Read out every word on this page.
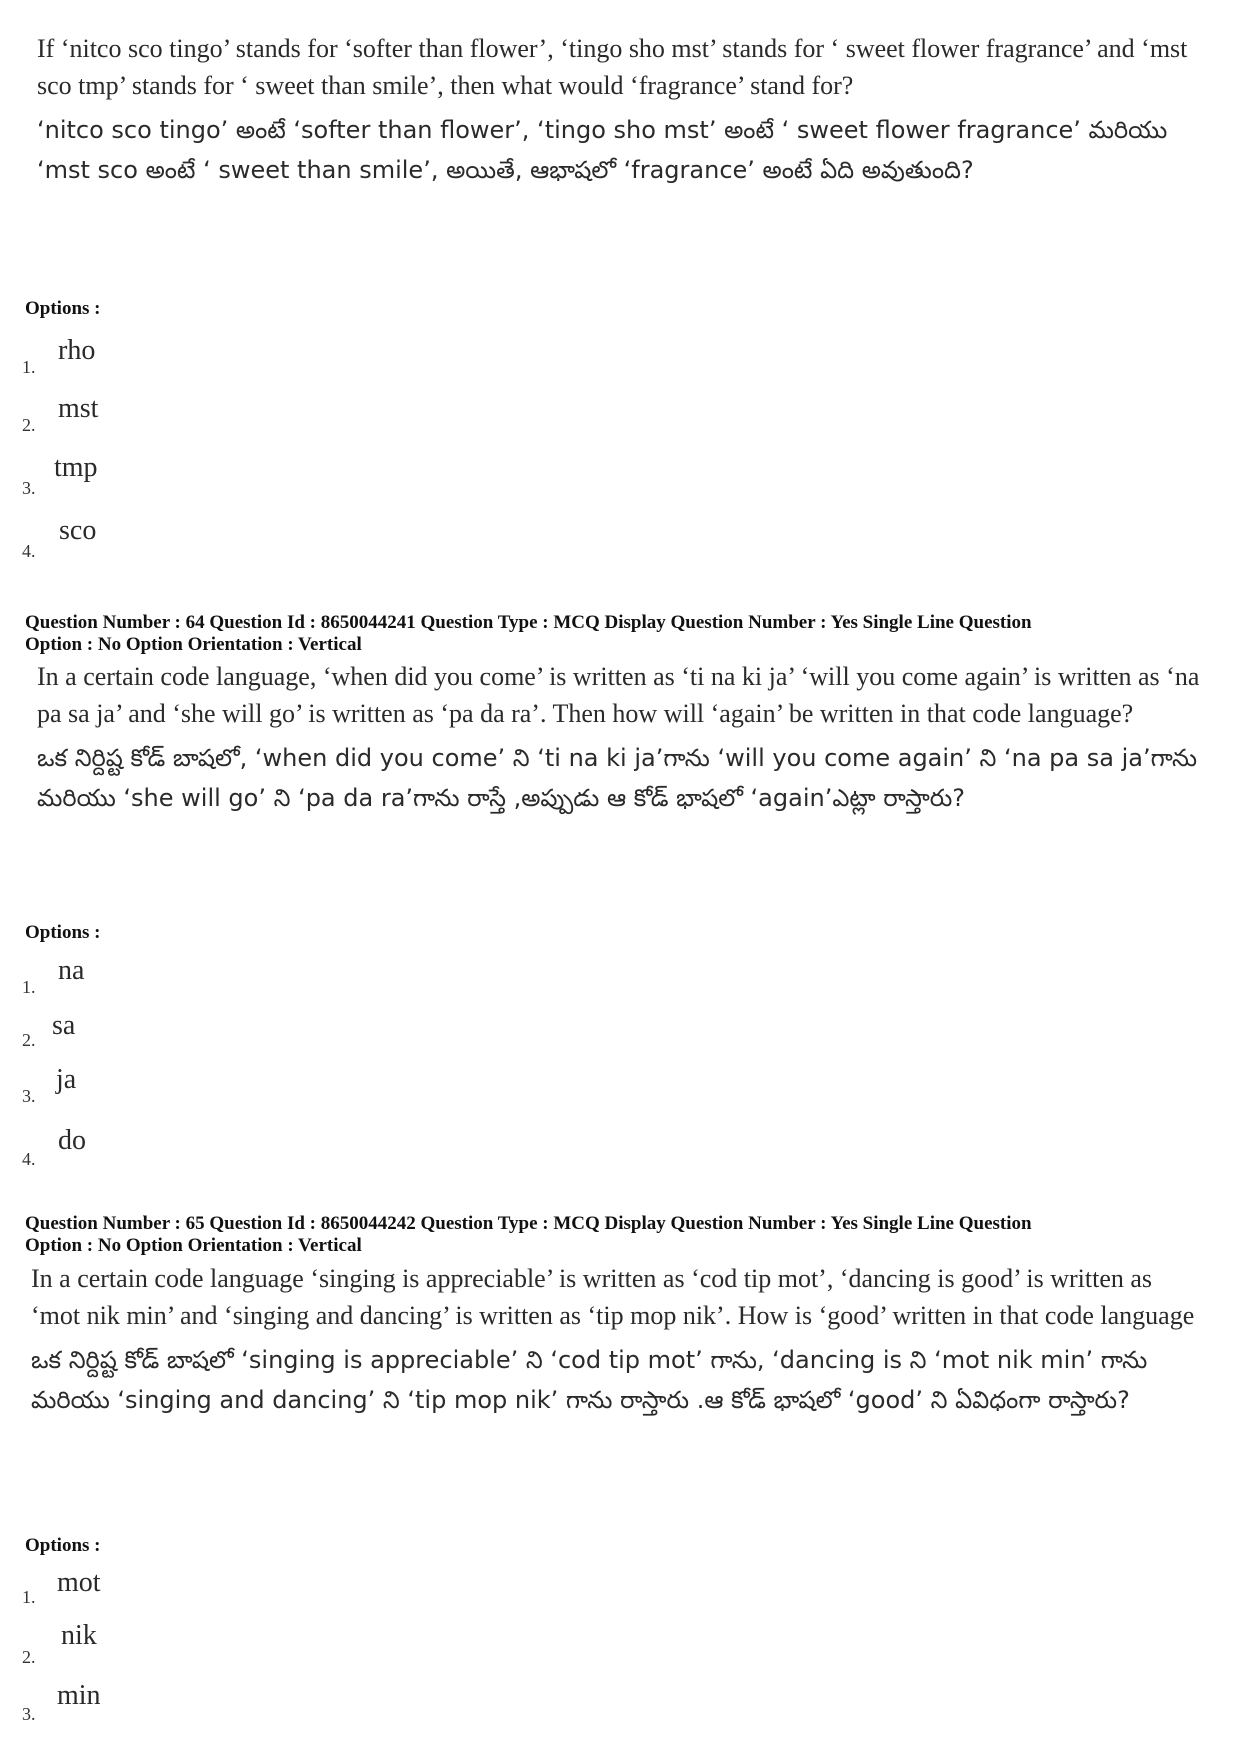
If ‘nitco sco tingo’ stands for ‘softer than flower’, ‘tingo sho mst’ stands for ‘ sweet flower fragrance’ and ‘mst sco tmp’ stands for ‘ sweet than smile’, then what would ‘fragrance’ stand for?

‘nitco sco tingo’ అంటే ‘softer than flower’, ‘tingo sho mst’ అంటే ‘ sweet flower fragrance’ మరియు ‘mst sco అంటే ‘ sweet than smile’, అయితే, ఆభాషలో ‘fragrance’ అంటే ఏది అవుతుంది?

Options :
1.
rho
2.
mst
3.
tmp
4.
sco
Question Number : 64 Question Id : 8650044241 Question Type : MCQ Display Question Number : Yes Single Line Question
Option : No Option Orientation : Vertical

In a certain code language, ‘when did you come’ is written as ‘ti na ki ja’ ‘will you come again’ is written as ‘na pa sa ja’ and ‘she will go’ is written as ‘pa da ra’. Then how will ‘again’ be written in that code language?

ఒక నిర్దిష్ట కోడ్ బాషలో, ‘when did you come’ ని ‘ti na ki ja’గాను ‘will you come again’ ని ‘na pa sa ja’గాను మరియు ‘she will go’ ని ‘pa da ra’గాను రాస్తే ,అప్పుడు ఆ కోడ్ భాషలో ‘again’ఎట్లా రాస్తారు?

Options :
1.
na
2. sa
3.
ja
4.
do
Question Number : 65 Question Id : 8650044242 Question Type : MCQ Display Question Number : Yes Single Line Question
Option : No Option Orientation : Vertical

In a certain code language ‘singing is appreciable’ is written as ‘cod tip mot’, ‘dancing is good’ is written as ‘mot nik min’ and ‘singing and dancing’ is written as ‘tip mop nik’. How is ‘good’ written in that code language

ఒక నిర్దిష్ట కోడ్ బాషలో ‘singing is appreciable’ ని ‘cod tip mot’ గాను, ‘dancing is ని ‘mot nik min’ గాను మరియు ‘singing and dancing’ ని ‘tip mop nik’ గాను రాస్తారు .ఆ కోడ్ భాషలో ‘good’ ని ఏవిధంగా రాస్తారు?

Options :
1. mot
2.
nik
3.
min
